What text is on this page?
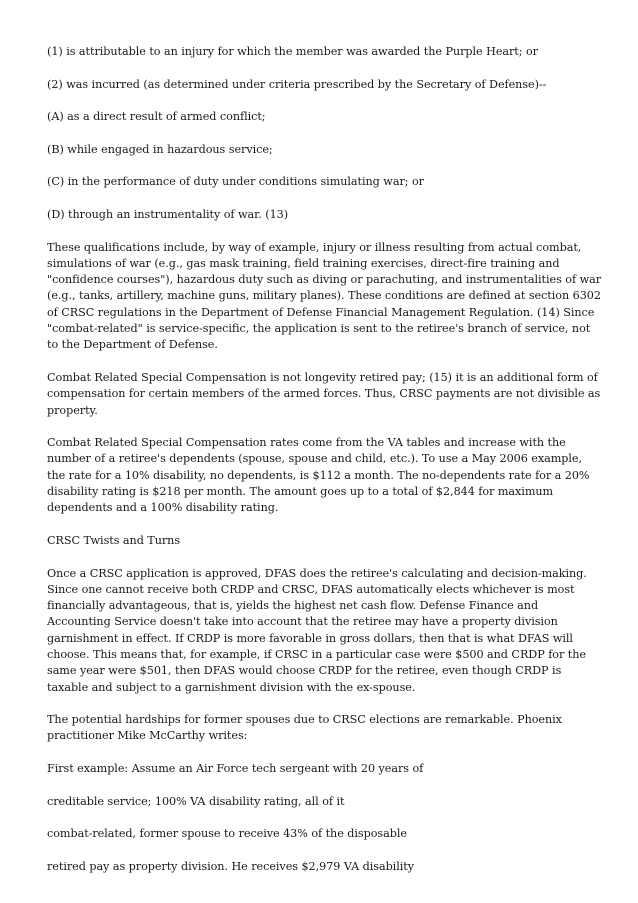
(1) is attributable to an injury for which the member was awarded the Purple Heart; or

(2) was incurred (as determined under criteria prescribed by the Secretary of Defense)--

(A) as a direct result of armed conflict;

(B) while engaged in hazardous service;

(C) in the performance of duty under conditions simulating war; or

(D) through an instrumentality of war. (13)

These qualifications include, by way of example, injury or illness resulting from actual combat, simulations of war (e.g., gas mask training, field training exercises, direct-fire training and "confidence courses"), hazardous duty such as diving or parachuting, and instrumentalities of war (e.g., tanks, artillery, machine guns, military planes). These conditions are defined at section 6302 of CRSC regulations in the Department of Defense Financial Management Regulation. (14) Since "combat-related" is service-specific, the application is sent to the retiree's branch of service, not to the Department of Defense.

Combat Related Special Compensation is not longevity retired pay; (15) it is an additional form of compensation for certain members of the armed forces. Thus, CRSC payments are not divisible as property.

Combat Related Special Compensation rates come from the VA tables and increase with the number of a retiree's dependents (spouse, spouse and child, etc.). To use a May 2006 example, the rate for a 10% disability, no dependents, is $112 a month. The no-dependents rate for a 20% disability rating is $218 per month. The amount goes up to a total of $2,844 for maximum dependents and a 100% disability rating.

CRSC Twists and Turns

Once a CRSC application is approved, DFAS does the retiree's calculating and decision-making. Since one cannot receive both CRDP and CRSC, DFAS automatically elects whichever is most financially advantageous, that is, yields the highest net cash flow. Defense Finance and Accounting Service doesn't take into account that the retiree may have a property division garnishment in effect. If CRDP is more favorable in gross dollars, then that is what DFAS will choose. This means that, for example, if CRSC in a particular case were $500 and CRDP for the same year were $501, then DFAS would choose CRDP for the retiree, even though CRDP is taxable and subject to a garnishment division with the ex-spouse.

The potential hardships for former spouses due to CRSC elections are remarkable. Phoenix practitioner Mike McCarthy writes:

First example: Assume an Air Force tech sergeant with 20 years of

creditable service; 100% VA disability rating, all of it

combat-related, former spouse to receive 43% of the disposable

retired pay as property division. He receives $2,979 VA disability
